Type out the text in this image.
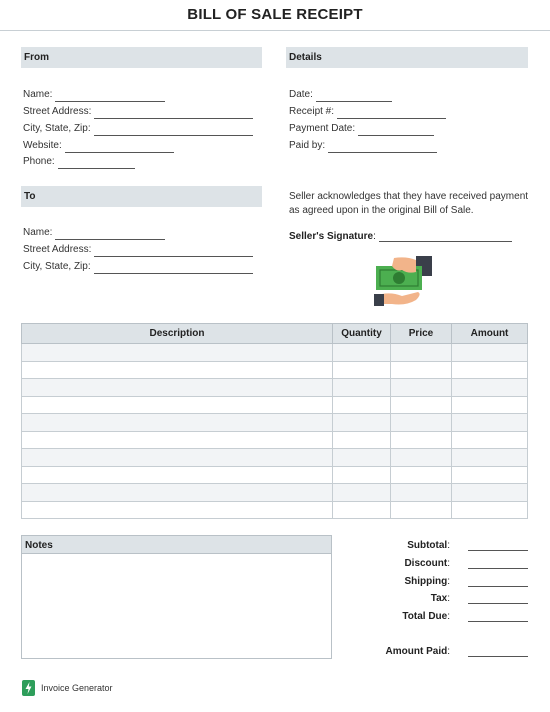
BILL OF SALE RECEIPT
From
Name:
Street Address:
City, State, Zip:
Website:
Phone:
Details
Date:
Receipt #:
Payment Date:
Paid by:
To
Name:
Street Address:
City, State, Zip:
Seller acknowledges that they have received payment as agreed upon in the original Bill of Sale.
Seller's Signature :
Description	Quantity	Price	Amount

Notes	Subtotal :
Discount :
Shipping :
Tax :
Total Due :
Amount Paid :
Invoice Generator
